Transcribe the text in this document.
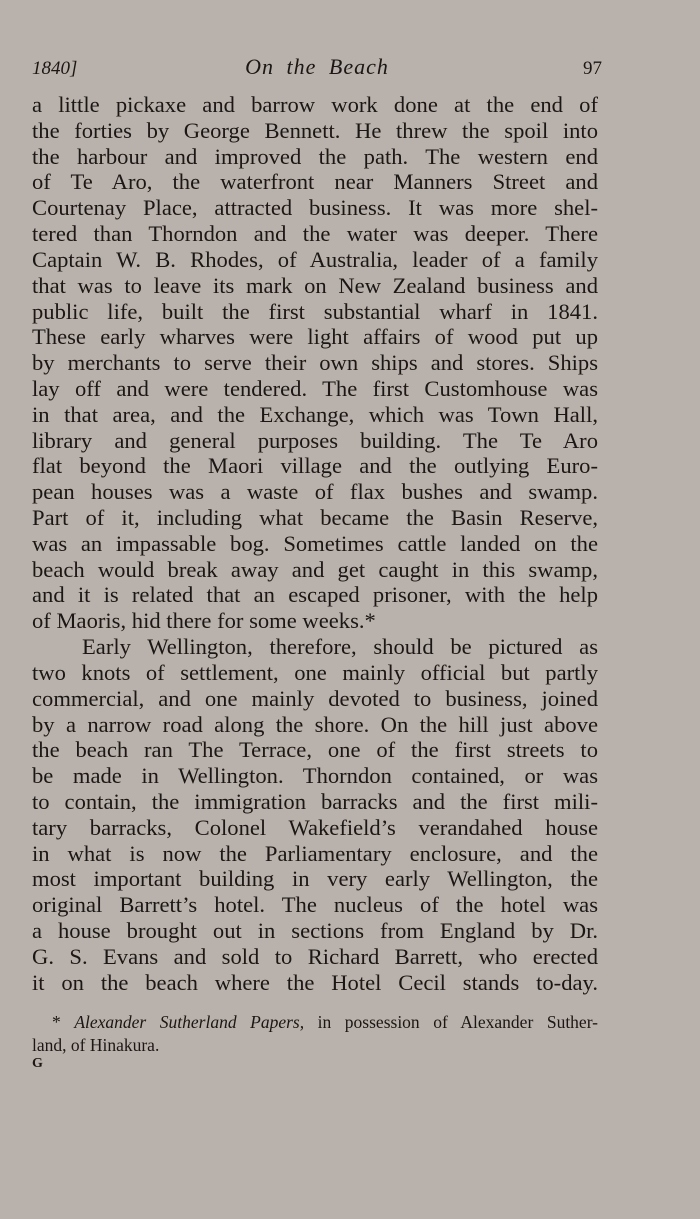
1840]	On the Beach	97
a little pickaxe and barrow work done at the end of
the forties by George Bennett. He threw the spoil into
the harbour and improved the path. The western end
of Te Aro, the waterfront near Manners Street and
Courtenay Place, attracted business. It was more shel-
tered than Thorndon and the water was deeper. There
Captain W. B. Rhodes, of Australia, leader of a family
that was to leave its mark on New Zealand business and
public life, built the first substantial wharf in 1841.
These early wharves were light affairs of wood put up
by merchants to serve their own ships and stores. Ships
lay off and were tendered. The first Customhouse was
in that area, and the Exchange, which was Town Hall,
library and general purposes building. The Te Aro
flat beyond the Maori village and the outlying Euro-
pean houses was a waste of flax bushes and swamp.
Part of it, including what became the Basin Reserve,
was an impassable bog. Sometimes cattle landed on the
beach would break away and get caught in this swamp,
and it is related that an escaped prisoner, with the help
of Maoris, hid there for some weeks.*
Early Wellington, therefore, should be pictured as
two knots of settlement, one mainly official but partly
commercial, and one mainly devoted to business, joined
by a narrow road along the shore. On the hill just above
the beach ran The Terrace, one of the first streets to
be made in Wellington. Thorndon contained, or was
to contain, the immigration barracks and the first mili-
tary barracks, Colonel Wakefield’s verandahed house
in what is now the Parliamentary enclosure, and the
most important building in very early Wellington, the
original Barrett’s hotel. The nucleus of the hotel was
a house brought out in sections from England by Dr.
G. S. Evans and sold to Richard Barrett, who erected
it on the beach where the Hotel Cecil stands to-day.
* Alexander Sutherland Papers, in possession of Alexander Suther-
land, of Hinakura.
G
